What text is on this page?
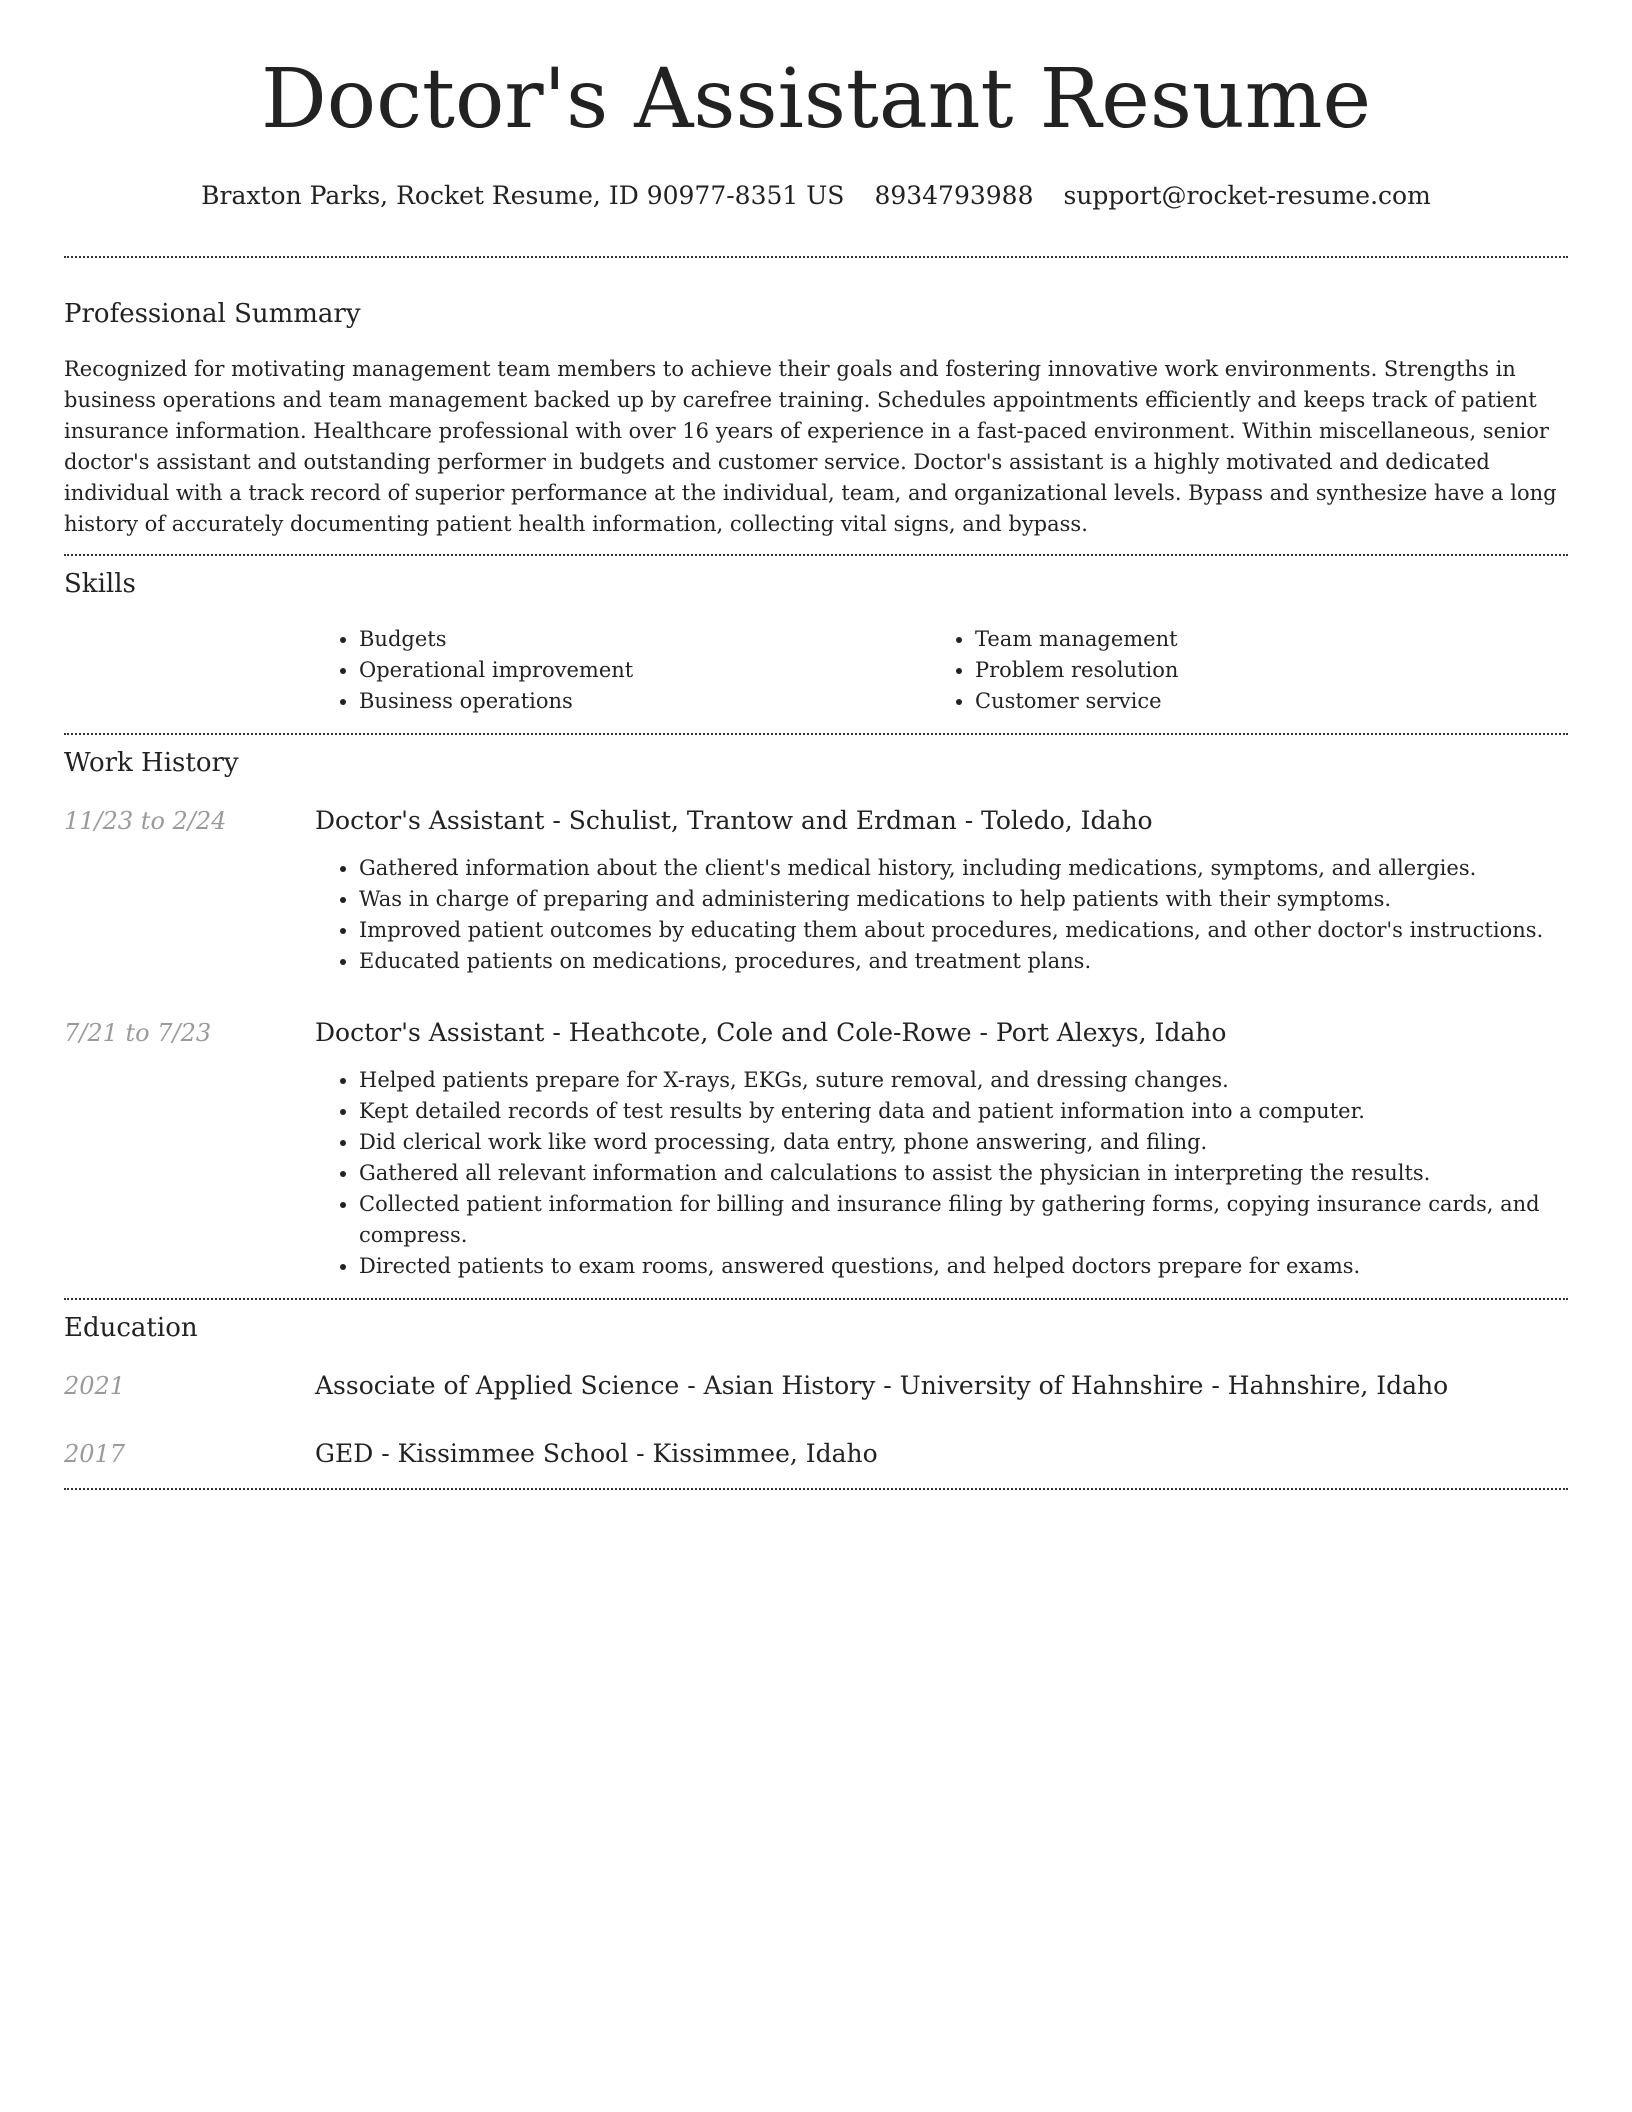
Doctor's Assistant Resume
Braxton Parks, Rocket Resume, ID 90977-8351 US 8934793988 support@rocket-resume.com
Professional Summary

Recognized for motivating management team members to achieve their goals and fostering innovative work environments. Strengths in business operations and team management backed up by carefree training. Schedules appointments efficiently and keeps track of patient insurance information. Healthcare professional with over 16 years of experience in a fast-paced environment. Within miscellaneous, senior doctor's assistant and outstanding performer in budgets and customer service. Doctor's assistant is a highly motivated and dedicated individual with a track record of superior performance at the individual, team, and organizational levels. Bypass and synthesize have a long history of accurately documenting patient health information, collecting vital signs, and bypass.

Skills
• Budgets
• Operational improvement
• Business operations
• Team management
• Problem resolution
• Customer service
Work History
11/23 to 2/24	Doctor's Assistant - Schulist, Trantow and Erdman - Toledo, Idaho
• Gathered information about the client's medical history, including medications, symptoms, and allergies.
• Was in charge of preparing and administering medications to help patients with their symptoms.
• Improved patient outcomes by educating them about procedures, medications, and other doctor's instructions.
• Educated patients on medications, procedures, and treatment plans.
7/21 to 7/23	Doctor's Assistant - Heathcote, Cole and Cole-Rowe - Port Alexys, Idaho
• Helped patients prepare for X-rays, EKGs, suture removal, and dressing changes.
• Kept detailed records of test results by entering data and patient information into a computer.
• Did clerical work like word processing, data entry, phone answering, and filing.
• Gathered all relevant information and calculations to assist the physician in interpreting the results.
• Collected patient information for billing and insurance filing by gathering forms, copying insurance cards, and compress.
• Directed patients to exam rooms, answered questions, and helped doctors prepare for exams.
Education
2021	Associate of Applied Science - Asian History - University of Hahnshire - Hahnshire, Idaho
2017	GED - Kissimmee School - Kissimmee, Idaho
